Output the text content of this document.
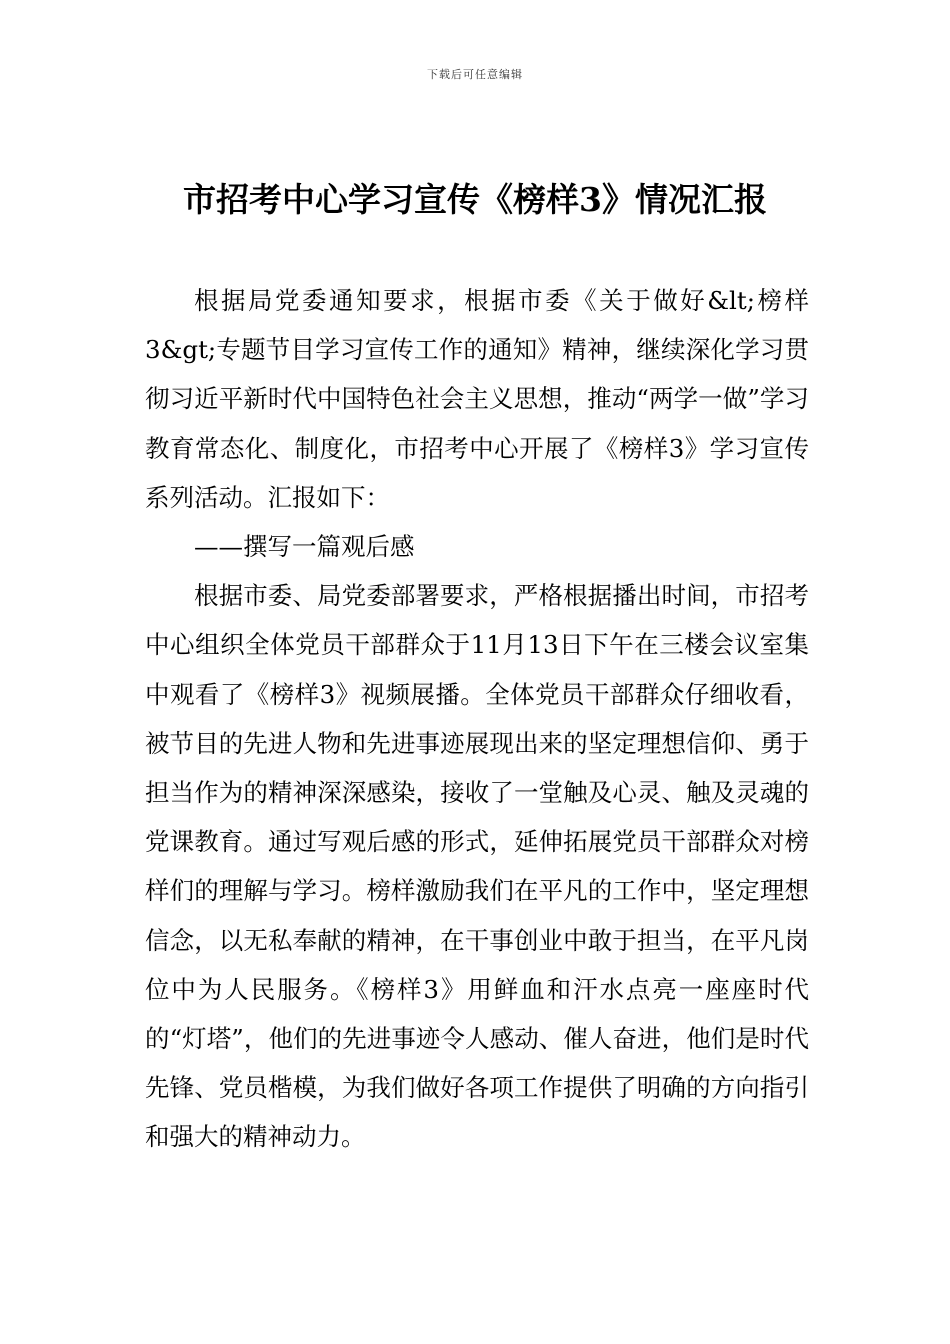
下载后可任意编辑
市招考中心学习宣传《榜样3》情况汇报

根据局党委通知要求，根据市委《关于做好&lt;榜样3&gt;专题节目学习宣传工作的通知》精神，继续深化学习贯彻习近平新时代中国特色社会主义思想，推动“两学一做”学习教育常态化、制度化，市招考中心开展了《榜样3》学习宣传系列活动。汇报如下：

——撰写一篇观后感

根据市委、局党委部署要求，严格根据播出时间，市招考中心组织全体党员干部群众于11月13日下午在三楼会议室集中观看了《榜样3》视频展播。全体党员干部群众仔细收看，被节目的先进人物和先进事迹展现出来的坚定理想信仰、勇于担当作为的精神深深感染，接收了一堂触及心灵、触及灵魂的党课教育。通过写观后感的形式，延伸拓展党员干部群众对榜样们的理解与学习。榜样激励我们在平凡的工作中，坚定理想信念，以无私奉献的精神，在干事创业中敢于担当，在平凡岗位中为人民服务。《榜样3》用鲜血和汗水点亮一座座时代的“灯塔”，他们的先进事迹令人感动、催人奋进，他们是时代先锋、党员楷模，为我们做好各项工作提供了明确的方向指引和强大的精神动力。
